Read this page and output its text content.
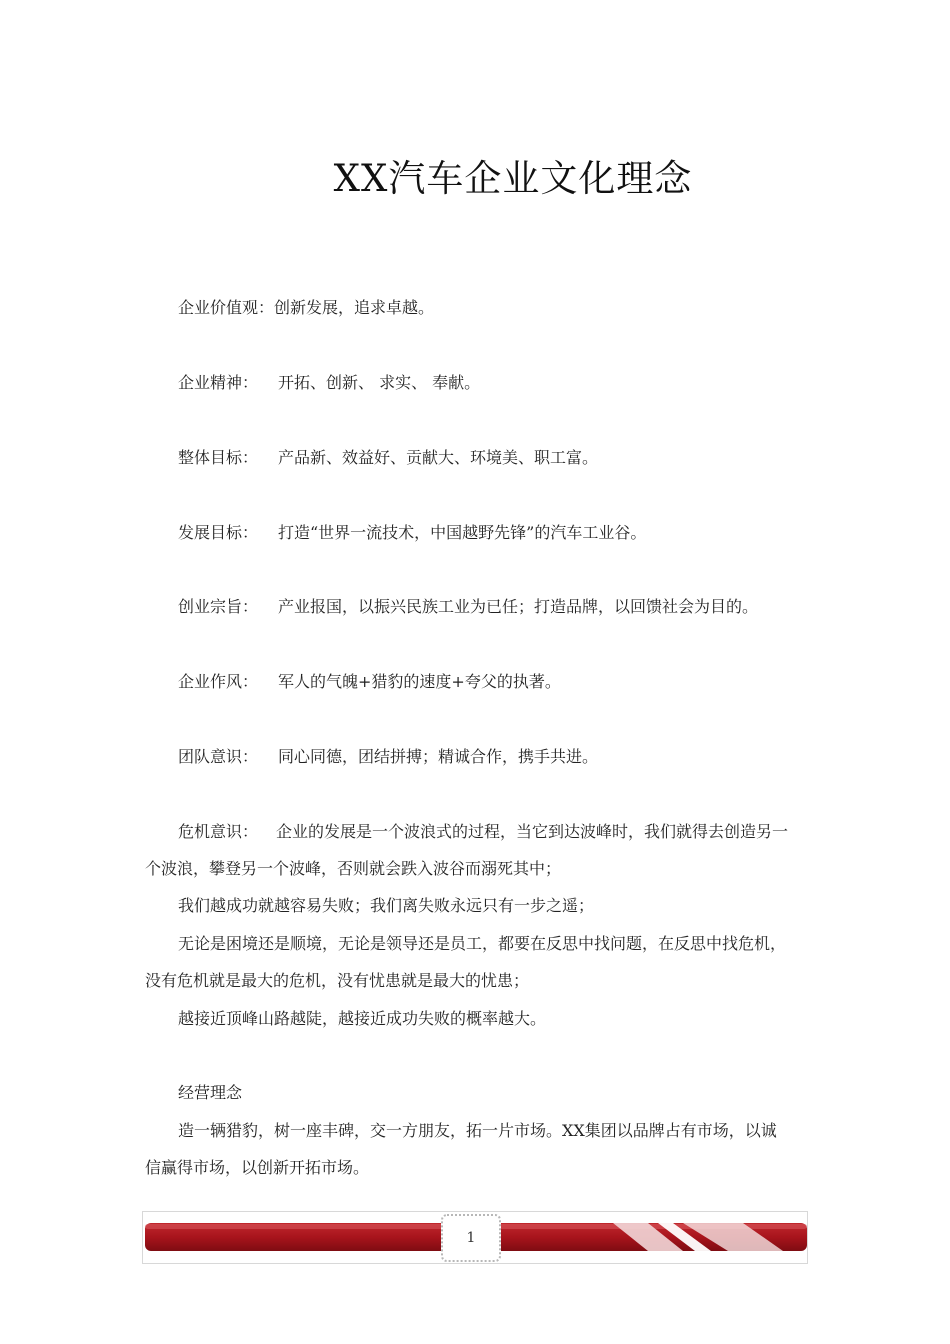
XX汽车企业文化理念

企业价值观：创新发展，追求卓越。

企业精神： 开拓、创新、 求实、 奉献。

整体目标： 产品新、效益好、贡献大、环境美、职工富。

发展目标： 打造“世界一流技术，中国越野先锋”的汽车工业谷。

创业宗旨： 产业报国，以振兴民族工业为已任；打造品牌，以回馈社会为目的。

企业作风： 军人的气魄+猎豹的速度+夸父的执著。

团队意识： 同心同德，团结拼搏；精诚合作，携手共进。

危机意识： 企业的发展是一个波浪式的过程，当它到达波峰时，我们就得去创造另一

个波浪，攀登另一个波峰，否则就会跌入波谷而溺死其中；

我们越成功就越容易失败；我们离失败永远只有一步之遥；

无论是困境还是顺境，无论是领导还是员工，都要在反思中找问题，在反思中找危机，

没有危机就是最大的危机，没有忧患就是最大的忧患；

越接近顶峰山路越陡，越接近成功失败的概率越大。

经营理念

造一辆猎豹，树一座丰碑，交一方朋友，拓一片市场。XX集团以品牌占有市场，以诚

信赢得市场，以创新开拓市场。

1
